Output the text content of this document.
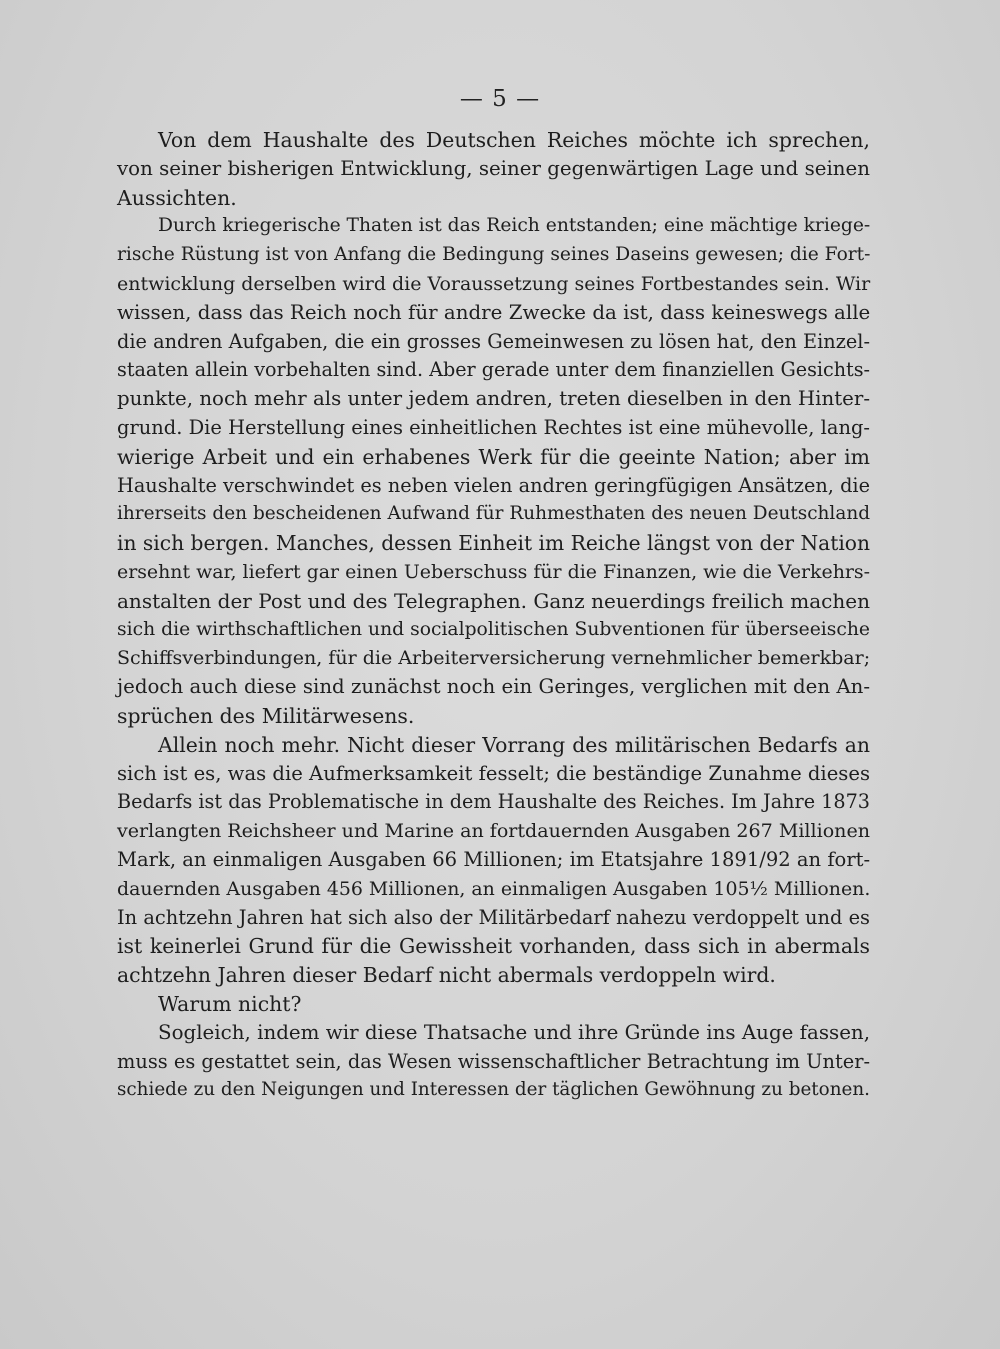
— 5 —
Von dem Haushalte des Deutschen Reiches möchte ich sprechen,
von seiner bisherigen Entwicklung, seiner gegenwärtigen Lage und seinen
Aussichten.
Durch kriegerische Thaten ist das Reich entstanden; eine mächtige kriege-
rische Rüstung ist von Anfang die Bedingung seines Daseins gewesen; die Fort-
entwicklung derselben wird die Voraussetzung seines Fortbestandes sein. Wir
wissen, dass das Reich noch für andre Zwecke da ist, dass keineswegs alle
die andren Aufgaben, die ein grosses Gemeinwesen zu lösen hat, den Einzel-
staaten allein vorbehalten sind. Aber gerade unter dem finanziellen Gesichts-
punkte, noch mehr als unter jedem andren, treten dieselben in den Hinter-
grund. Die Herstellung eines einheitlichen Rechtes ist eine mühevolle, lang-
wierige Arbeit und ein erhabenes Werk für die geeinte Nation; aber im
Haushalte verschwindet es neben vielen andren geringfügigen Ansätzen, die
ihrerseits den bescheidenen Aufwand für Ruhmesthaten des neuen Deutschland
in sich bergen. Manches, dessen Einheit im Reiche längst von der Nation
ersehnt war, liefert gar einen Ueberschuss für die Finanzen, wie die Verkehrs-
anstalten der Post und des Telegraphen. Ganz neuerdings freilich machen
sich die wirthschaftlichen und socialpolitischen Subventionen für überseeische
Schiffsverbindungen, für die Arbeiterversicherung vernehmlicher bemerkbar;
jedoch auch diese sind zunächst noch ein Geringes, verglichen mit den An-
sprüchen des Militärwesens.
Allein noch mehr. Nicht dieser Vorrang des militärischen Bedarfs an
sich ist es, was die Aufmerksamkeit fesselt; die beständige Zunahme dieses
Bedarfs ist das Problematische in dem Haushalte des Reiches. Im Jahre 1873
verlangten Reichsheer und Marine an fortdauernden Ausgaben 267 Millionen
Mark, an einmaligen Ausgaben 66 Millionen; im Etatsjahre 1891/92 an fort-
dauernden Ausgaben 456 Millionen, an einmaligen Ausgaben 105½ Millionen.
In achtzehn Jahren hat sich also der Militärbedarf nahezu verdoppelt und es
ist keinerlei Grund für die Gewissheit vorhanden, dass sich in abermals
achtzehn Jahren dieser Bedarf nicht abermals verdoppeln wird.
Warum nicht?
Sogleich, indem wir diese Thatsache und ihre Gründe ins Auge fassen,
muss es gestattet sein, das Wesen wissenschaftlicher Betrachtung im Unter-
schiede zu den Neigungen und Interessen der täglichen Gewöhnung zu betonen.
